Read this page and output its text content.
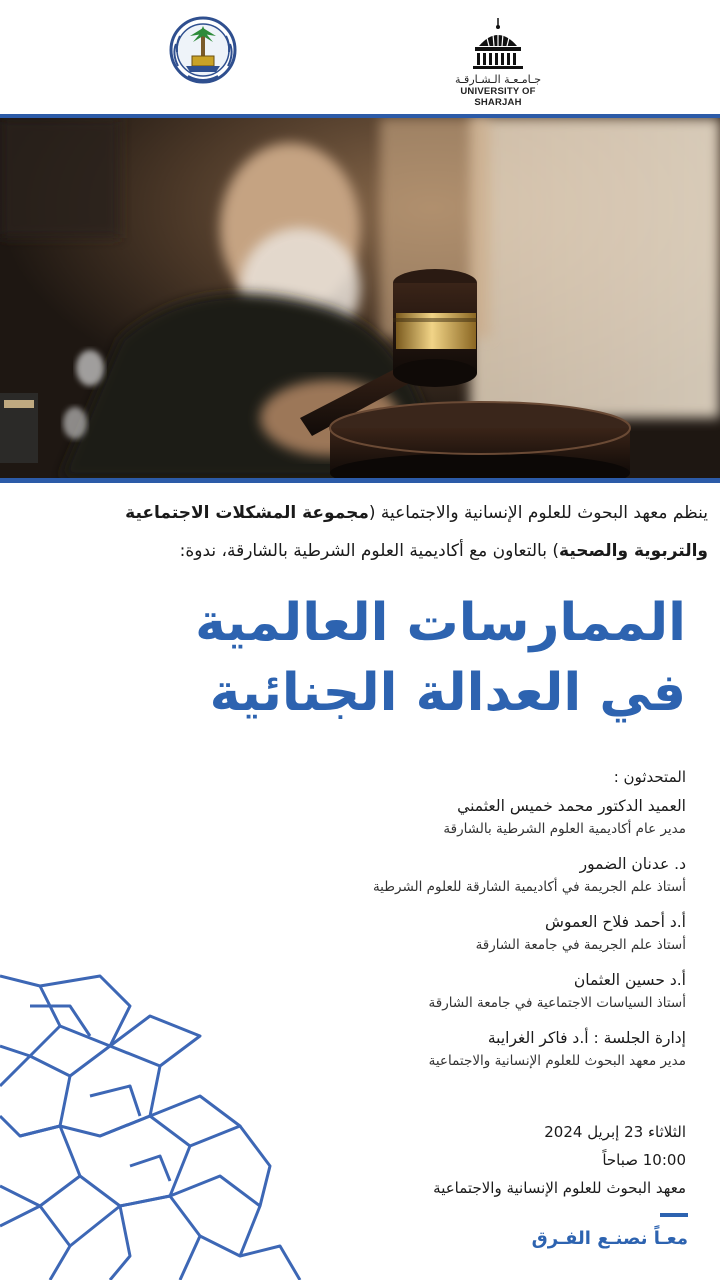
جـامـعـة الـشـارقـة
UNIVERSITY OF SHARJAH
ينظم معهد البحوث للعلوم الإنسانية والاجتماعية (مجموعة المشكلات الاجتماعية
والتربوية والصحية) بالتعاون مع أكاديمية العلوم الشرطية بالشارقة، ندوة:
الممارسات العالمية
في العدالة الجنائية
المتحدثون :
العميد الدكتور محمد خميس العثمني
مدير عام أكاديمية العلوم الشرطية بالشارقة
د. عدنان الضمور
أستاذ علم الجريمة في أكاديمية الشارقة للعلوم الشرطية
أ.د أحمد فلاح العموش
أستاذ علم الجريمة في جامعة الشارقة
أ.د حسين العثمان
أستاذ السياسات الاجتماعية في جامعة الشارقة
إدارة الجلسة : أ.د فاكر الغرايبة
مدير معهد البحوث للعلوم الإنسانية والاجتماعية
الثلاثاء 23 إبريل 2024
10:00 صباحاً
معهد البحوث للعلوم الإنسانية والاجتماعية
معـاً نصنـع الفـرق
